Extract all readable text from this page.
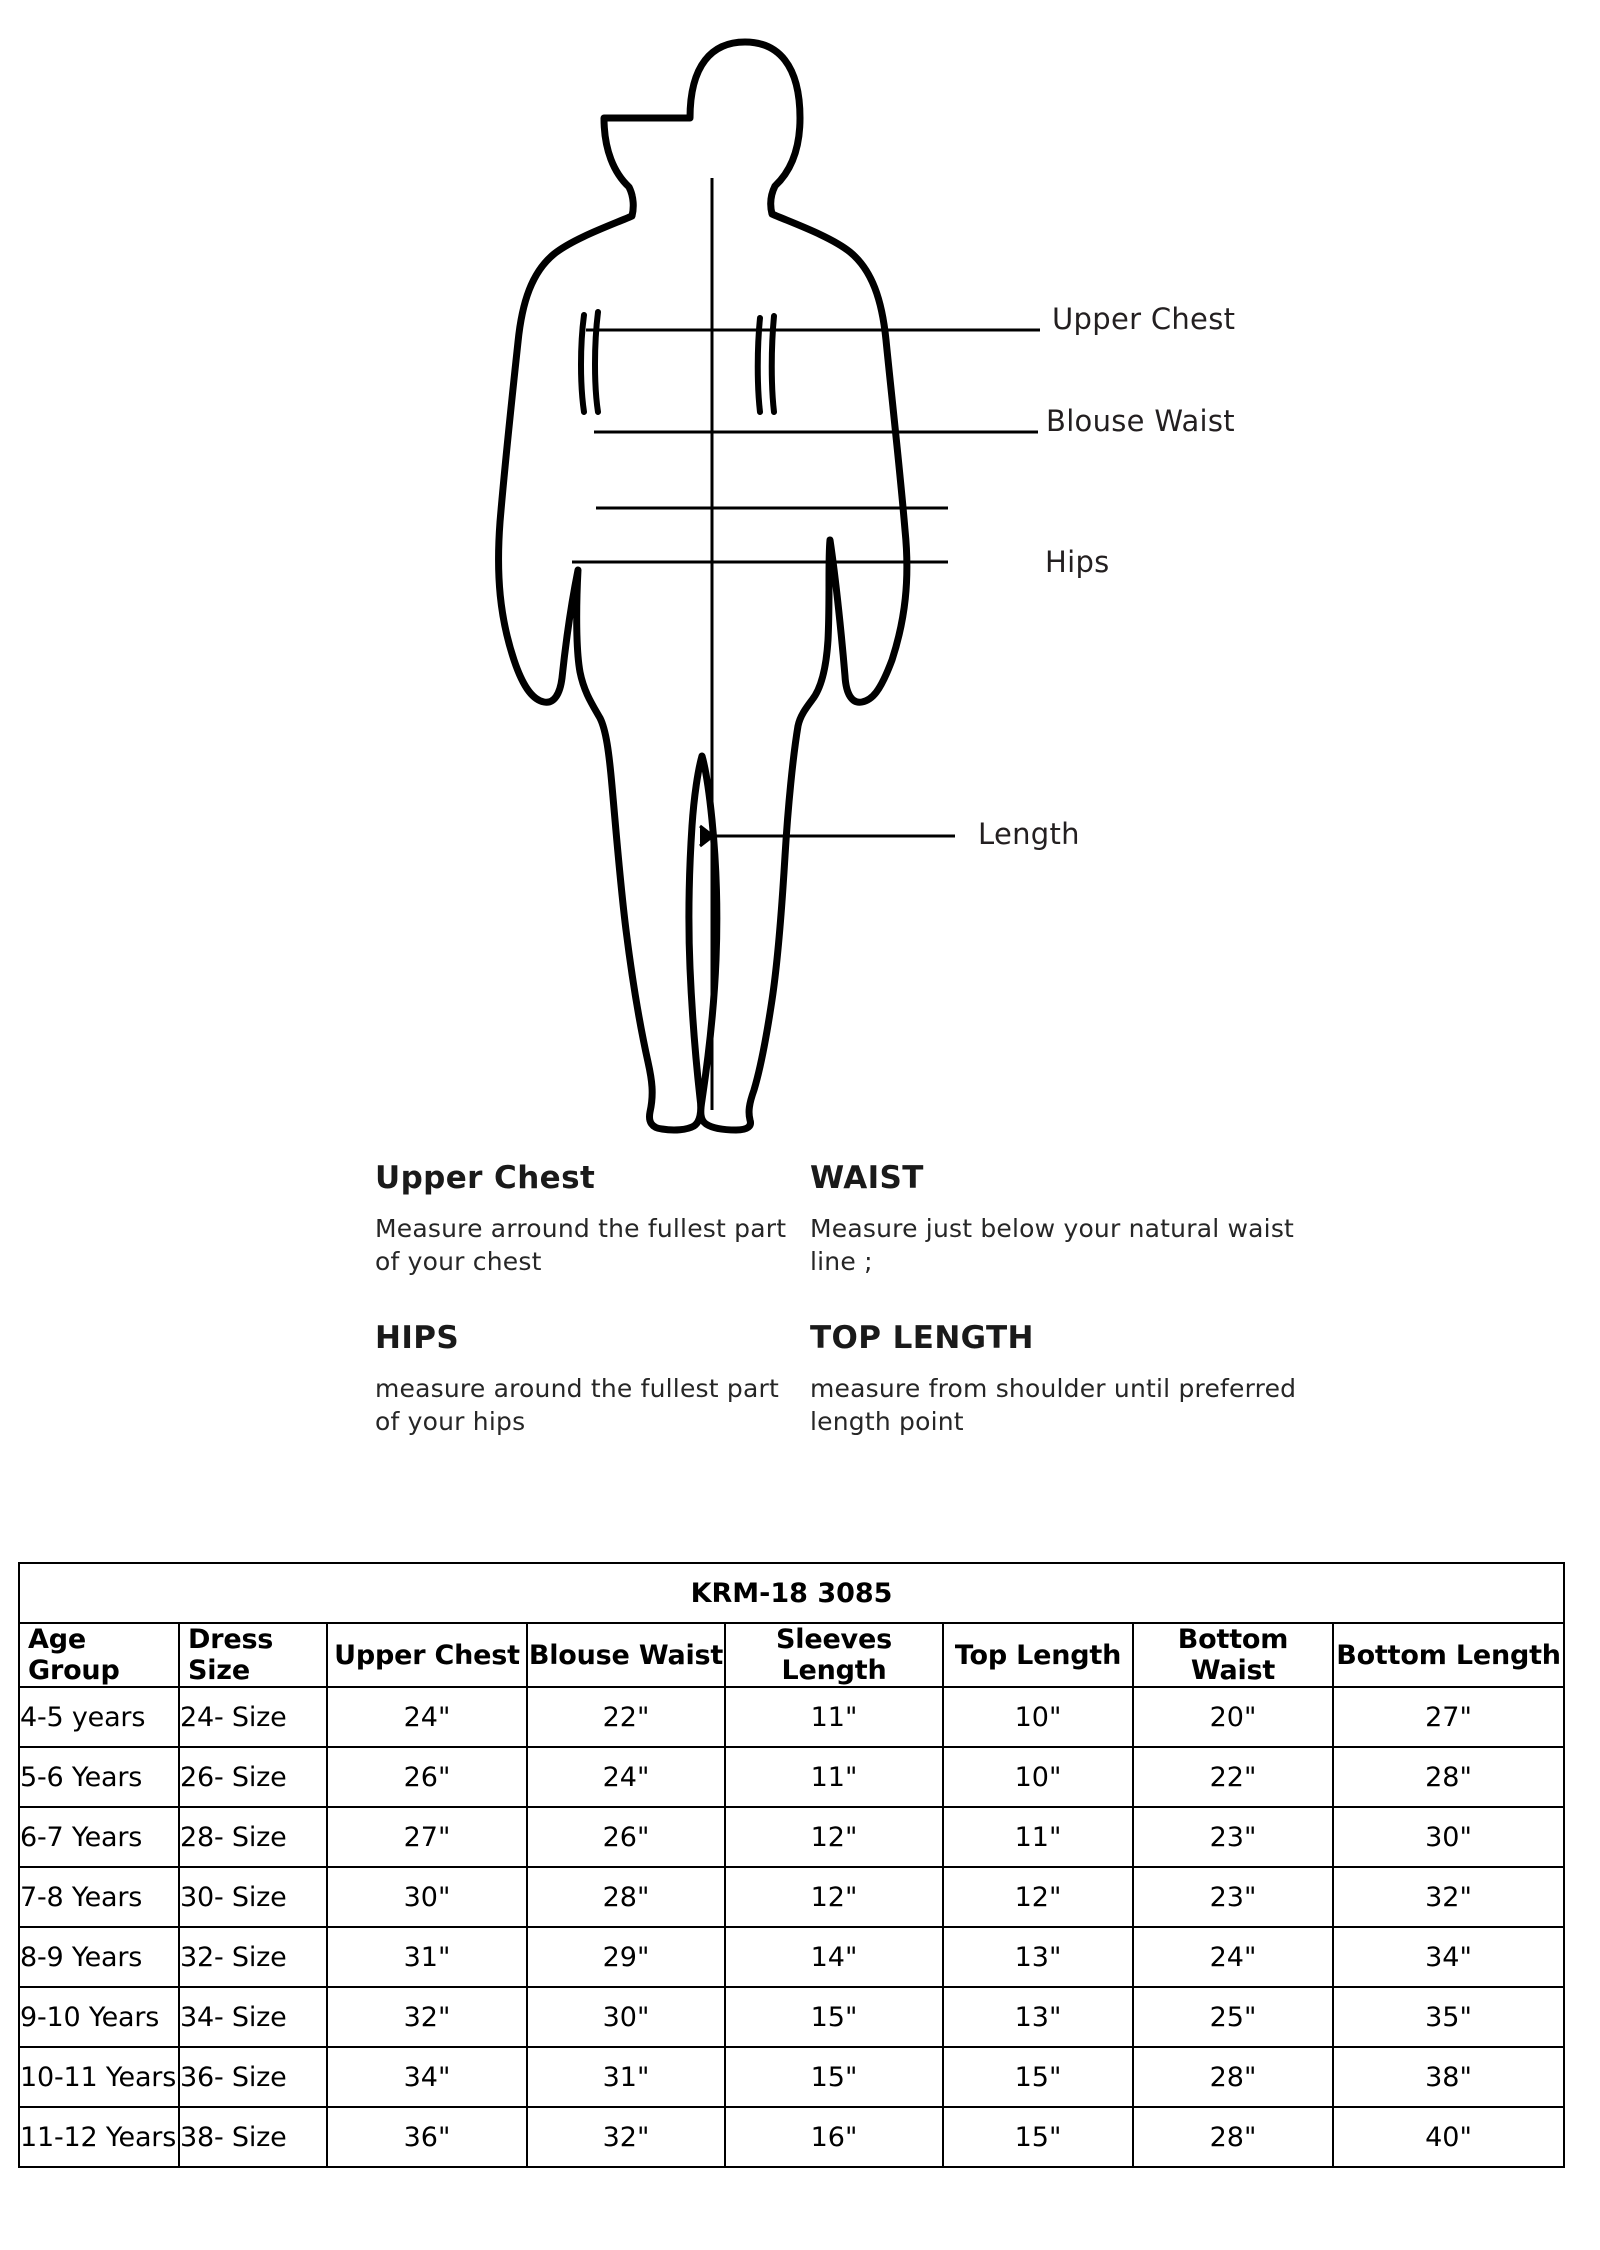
Upper Chest
Blouse Waist
Hips
Length

Upper Chest

Measure arround the fullest part of your chest

HIPS

measure around the fullest part of your hips

WAIST

Measure just below your natural waist line ;

TOP LENGTH

measure from shoulder until preferred length point

KRM-18 3085							
Age Group	Dress Size	Upper Chest	Blouse Waist	Sleeves Length	Top Length	Bottom Waist	Bottom Length
4-5 years	24- Size	24"	22"	11"	10"	20"	27"
5-6 Years	26- Size	26"	24"	11"	10"	22"	28"
6-7 Years	28- Size	27"	26"	12"	11"	23"	30"
7-8 Years	30- Size	30"	28"	12"	12"	23"	32"
8-9 Years	32- Size	31"	29"	14"	13"	24"	34"
9-10 Years	34- Size	32"	30"	15"	13"	25"	35"
10-11 Years	36- Size	34"	31"	15"	15"	28"	38"
11-12 Years	38- Size	36"	32"	16"	15"	28"	40"
